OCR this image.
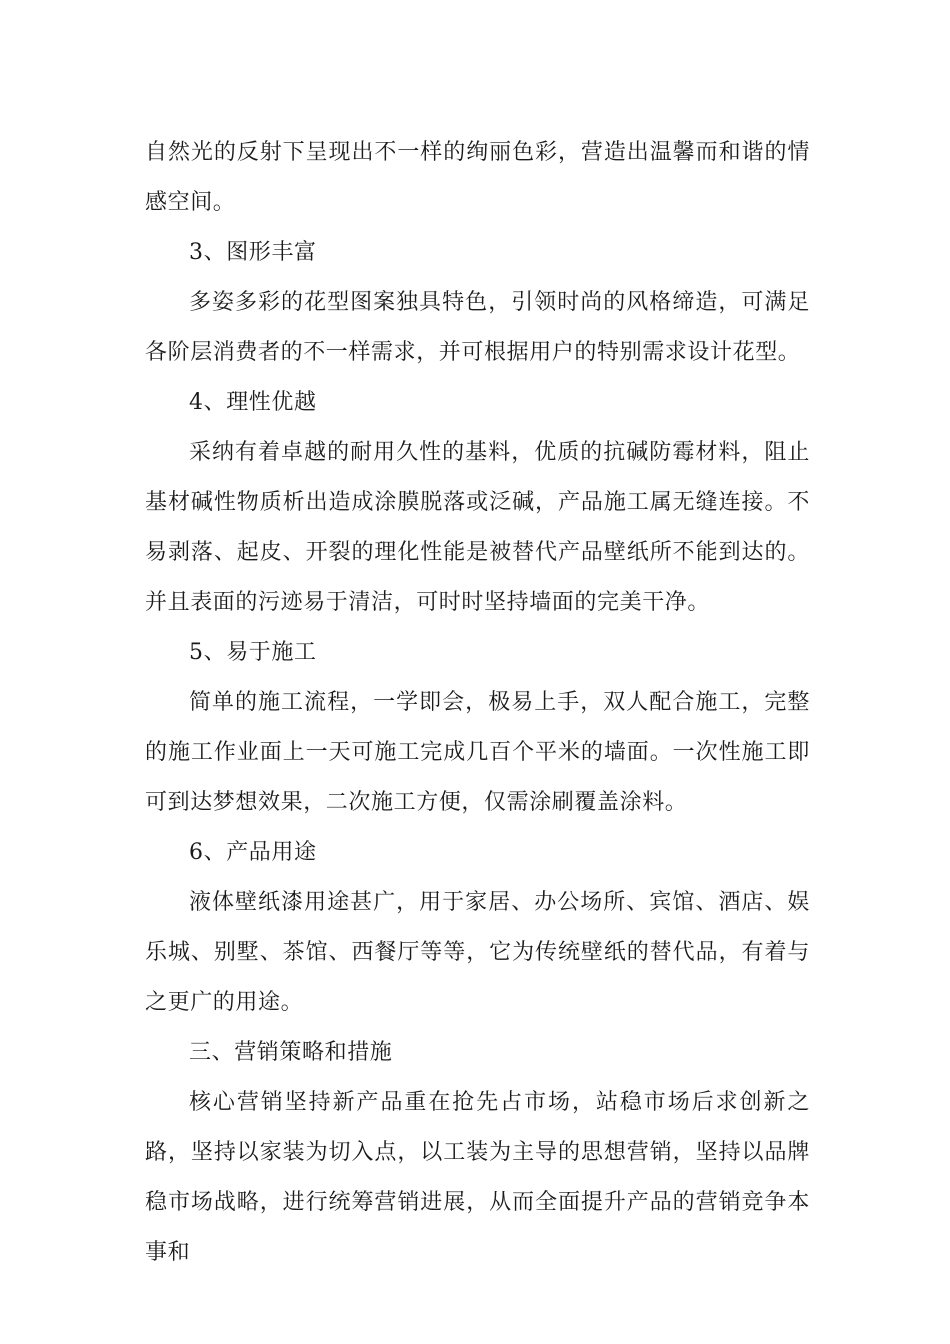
自然光的反射下呈现出不一样的绚丽色彩，营造出温馨而和谐的情感空间。

3、图形丰富

多姿多彩的花型图案独具特色，引领时尚的风格缔造，可满足各阶层消费者的不一样需求，并可根据用户的特别需求设计花型。

4、理性优越

采纳有着卓越的耐用久性的基料，优质的抗碱防霉材料，阻止基材碱性物质析出造成涂膜脱落或泛碱，产品施工属无缝连接。不易剥落、起皮、开裂的理化性能是被替代产品壁纸所不能到达的。并且表面的污迹易于清洁，可时时坚持墙面的完美干净。

5、易于施工

简单的施工流程，一学即会，极易上手，双人配合施工，完整的施工作业面上一天可施工完成几百个平米的墙面。一次性施工即可到达梦想效果，二次施工方便，仅需涂刷覆盖涂料。

6、产品用途

液体壁纸漆用途甚广，用于家居、办公场所、宾馆、酒店、娱乐城、别墅、茶馆、西餐厅等等，它为传统壁纸的替代品，有着与之更广的用途。

三、营销策略和措施

核心营销坚持新产品重在抢先占市场，站稳市场后求创新之路，坚持以家装为切入点，以工装为主导的思想营销，坚持以品牌稳市场战略，进行统筹营销进展，从而全面提升产品的营销竞争本事和
